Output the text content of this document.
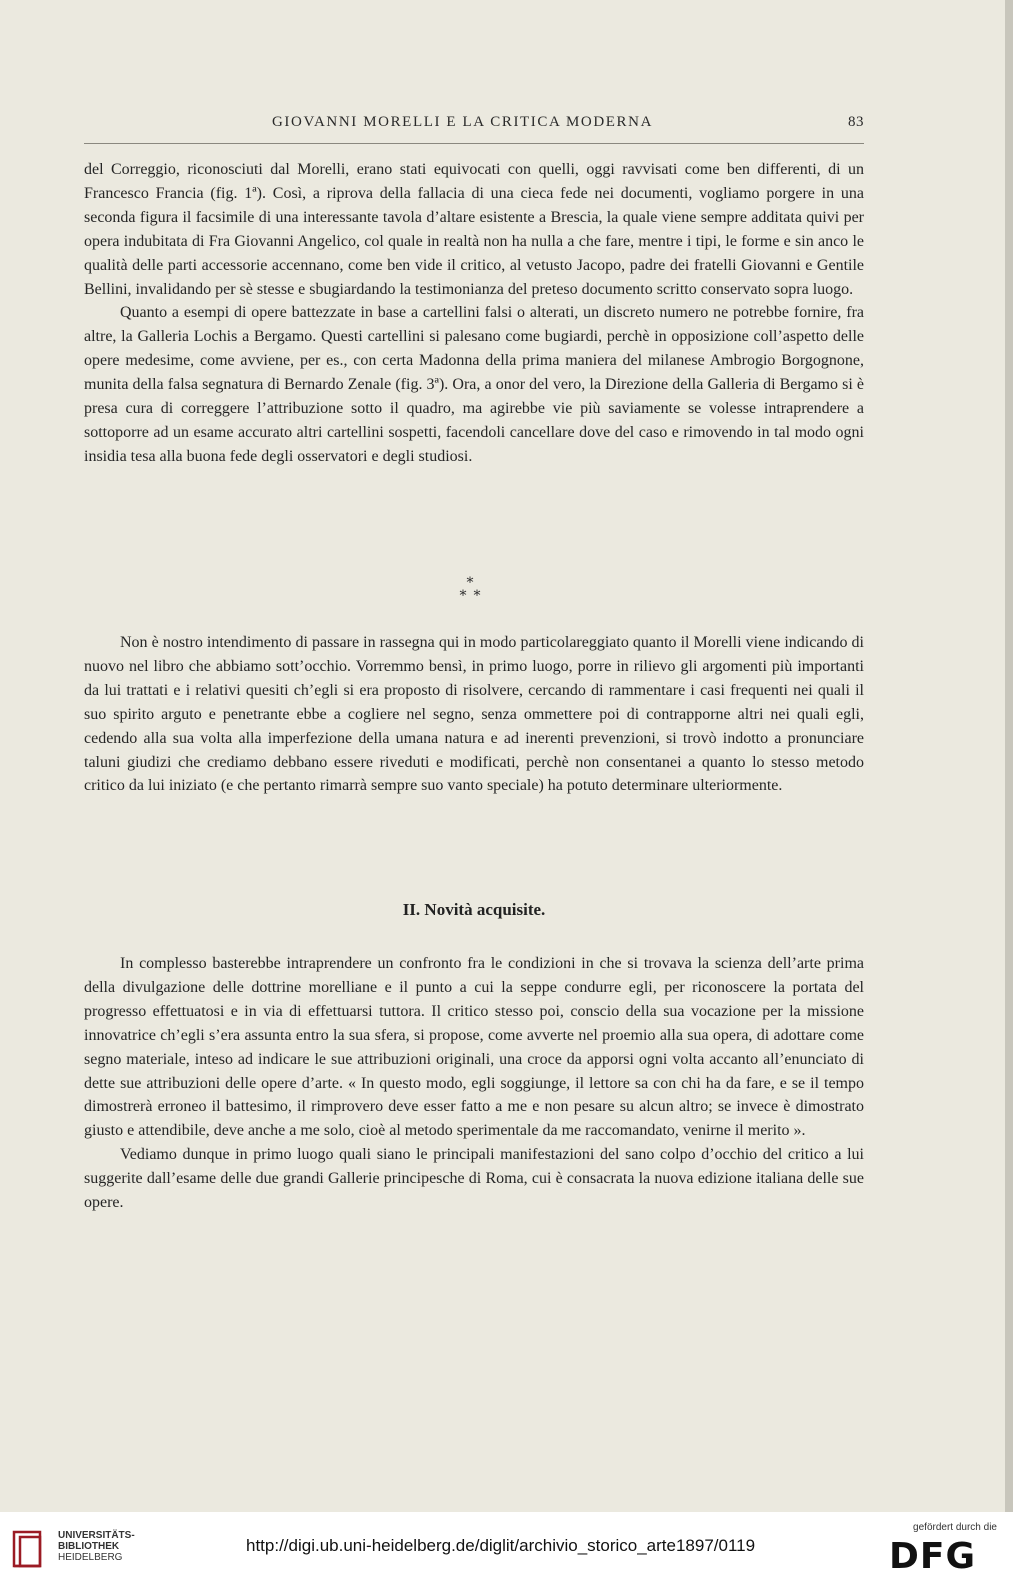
GIOVANNI MORELLI E LA CRITICA MODERNA	83

del Correggio, riconosciuti dal Morelli, erano stati equivocati con quelli, oggi ravvisati come ben differenti, di un Francesco Francia (fig. 1ª). Così, a riprova della fallacia di una cieca fede nei documenti, vogliamo porgere in una seconda figura il facsimile di una interessante tavola d’altare esistente a Brescia, la quale viene sempre additata quivi per opera indubitata di Fra Giovanni Angelico, col quale in realtà non ha nulla a che fare, mentre i tipi, le forme e sin anco le qualità delle parti accessorie accennano, come ben vide il critico, al vetusto Jacopo, padre dei fratelli Giovanni e Gentile Bellini, invalidando per sè stesse e sbugiardando la testimonianza del preteso documento scritto conservato sopra luogo.

Quanto a esempi di opere battezzate in base a cartellini falsi o alterati, un discreto numero ne potrebbe fornire, fra altre, la Galleria Lochis a Bergamo. Questi cartellini si palesano come bugiardi, perchè in opposizione coll’aspetto delle opere medesime, come avviene, per es., con certa Madonna della prima maniera del milanese Ambrogio Borgognone, munita della falsa segnatura di Bernardo Zenale (fig. 3ª). Ora, a onor del vero, la Direzione della Galleria di Bergamo si è presa cura di correggere l’attribuzione sotto il quadro, ma agirebbe vie più saviamente se volesse intraprendere a sottoporre ad un esame accurato altri cartellini sospetti, facendoli cancellare dove del caso e rimovendo in tal modo ogni insidia tesa alla buona fede degli osservatori e degli studiosi.

*
* *

Non è nostro intendimento di passare in rassegna qui in modo particolareggiato quanto il Morelli viene indicando di nuovo nel libro che abbiamo sott’occhio. Vorremmo bensì, in primo luogo, porre in rilievo gli argomenti più importanti da lui trattati e i relativi quesiti ch’egli si era proposto di risolvere, cercando di rammentare i casi frequenti nei quali il suo spirito arguto e penetrante ebbe a cogliere nel segno, senza ommettere poi di contrapporne altri nei quali egli, cedendo alla sua volta alla imperfezione della umana natura e ad inerenti prevenzioni, si trovò indotto a pronunciare taluni giudizi che crediamo debbano essere riveduti e modificati, perchè non consentanei a quanto lo stesso metodo critico da lui iniziato (e che pertanto rimarrà sempre suo vanto speciale) ha potuto determinare ulteriormente.

II. Novità acquisite.

In complesso basterebbe intraprendere un confronto fra le condizioni in che si trovava la scienza dell’arte prima della divulgazione delle dottrine morelliane e il punto a cui la seppe condurre egli, per riconoscere la portata del progresso effettuatosi e in via di effettuarsi tuttora. Il critico stesso poi, conscio della sua vocazione per la missione innovatrice ch’egli s’era assunta entro la sua sfera, si propose, come avverte nel proemio alla sua opera, di adottare come segno materiale, inteso ad indicare le sue attribuzioni originali, una croce da apporsi ogni volta accanto all’enunciato di dette sue attribuzioni delle opere d’arte. « In questo modo, egli soggiunge, il lettore sa con chi ha da fare, e se il tempo dimostrerà erroneo il battesimo, il rimprovero deve esser fatto a me e non pesare su alcun altro; se invece è dimostrato giusto e attendibile, deve anche a me solo, cioè al metodo sperimentale da me raccomandato, venirne il merito ».

Vediamo dunque in primo luogo quali siano le principali manifestazioni del sano colpo d’occhio del critico a lui suggerite dall’esame delle due grandi Gallerie principesche di Roma, cui è consacrata la nuova edizione italiana delle sue opere.

UNIVERSITÄTS-
BIBLIOTHEK
HEIDELBERG
http://digi.ub.uni-heidelberg.de/diglit/archivio_storico_arte1897/0119
gefördert durch die
DFG
